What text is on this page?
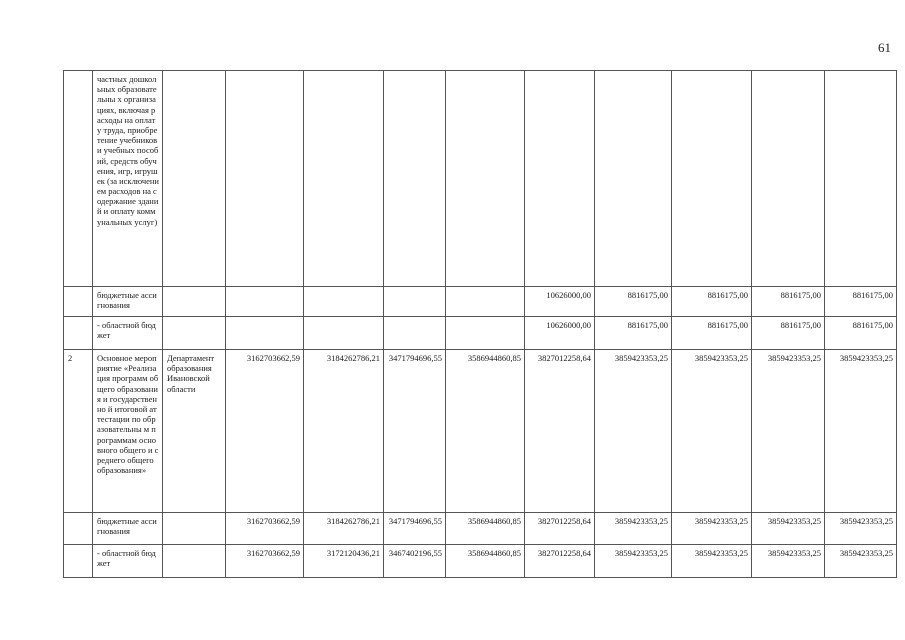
61
	частных дошкольных образовательны х организациях, включая расходы на оплату труда, приобретение учебников и учебных пособий, средств обучения, игр, игрушек (за исключением расходов на содержание зданий и оплату коммунальных услуг)										
	бюджетные ассигнования						10626000,00	8816175,00	8816175,00	8816175,00	8816175,00
	- областной бюджет						10626000,00	8816175,00	8816175,00	8816175,00	8816175,00
2	Основное мероприятие «Реализация программ общего образования и государственно й итоговой аттестации по образовательны м программам основного общего и среднего общего образования»	Департамент образования Ивановской области	3162703662,59	3184262786,21	3471794696,55	3586944860,85	3827012258,64	3859423353,25	3859423353,25	3859423353,25	3859423353,25
	бюджетные ассигнования		3162703662,59	3184262786,21	3471794696,55	3586944860,85	3827012258,64	3859423353,25	3859423353,25	3859423353,25	3859423353,25
	- областной бюджет		3162703662,59	3172120436,21	3467402196,55	3586944860,85	3827012258,64	3859423353,25	3859423353,25	3859423353,25	3859423353,25
